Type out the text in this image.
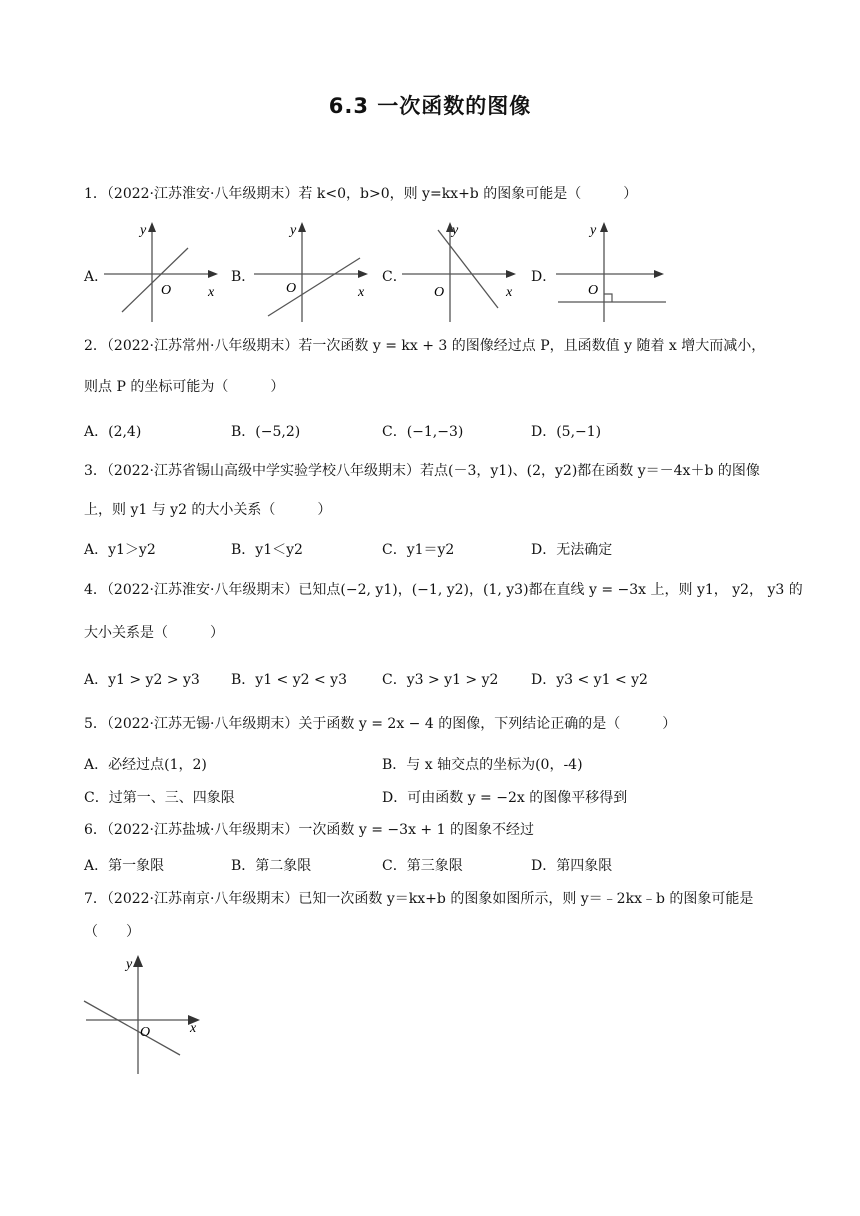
6.3 一次函数的图像
1．（2022·江苏淮安·八年级期末）若 k<0，b>0，则 y=kx+b 的图象可能是（　　　）
A．
y
x
O
B．
y
x
O
C．
y
x
O
D．
y
O
2．（2022·江苏常州·八年级期末）若一次函数 y = kx + 3 的图像经过点 P，且函数值 y 随着 x 增大而减小，
则点 P 的坐标可能为（　　　）
A．(2,4)	B．(−5,2)	C．(−1,−3)	D．(5,−1)
3．（2022·江苏省锡山高级中学实验学校八年级期末）若点(－3，y1)、(2，y2)都在函数 y＝－4x＋b 的图像
上，则 y1 与 y2 的大小关系（　　　）
A．y1＞y2	B．y1＜y2	C．y1＝y2	D．无法确定
4．（2022·江苏淮安·八年级期末）已知点(−2, y1)，(−1, y2)，(1, y3)都在直线 y = −3x 上，则 y1， y2， y3 的
大小关系是（　　　）
A．y1 > y2 > y3 B．y1 < y2 < y3	C．y3 > y1 > y2 D．y3 < y1 < y2
5．（2022·江苏无锡·八年级期末）关于函数 y = 2x − 4 的图像，下列结论正确的是（　　　）
A．必经过点(1，2)	B．与 x 轴交点的坐标为(0，-4)
C．过第一、三、四象限	D．可由函数 y = −2x 的图像平移得到
6．（2022·江苏盐城·八年级期末）一次函数 y = −3x + 1 的图象不经过
A．第一象限	B．第二象限	C．第三象限	D．第四象限
7．（2022·江苏南京·八年级期末）已知一次函数 y＝kx+b 的图象如图所示，则 y＝﹣2kx﹣b 的图象可能是
（　　）
y
x
O
